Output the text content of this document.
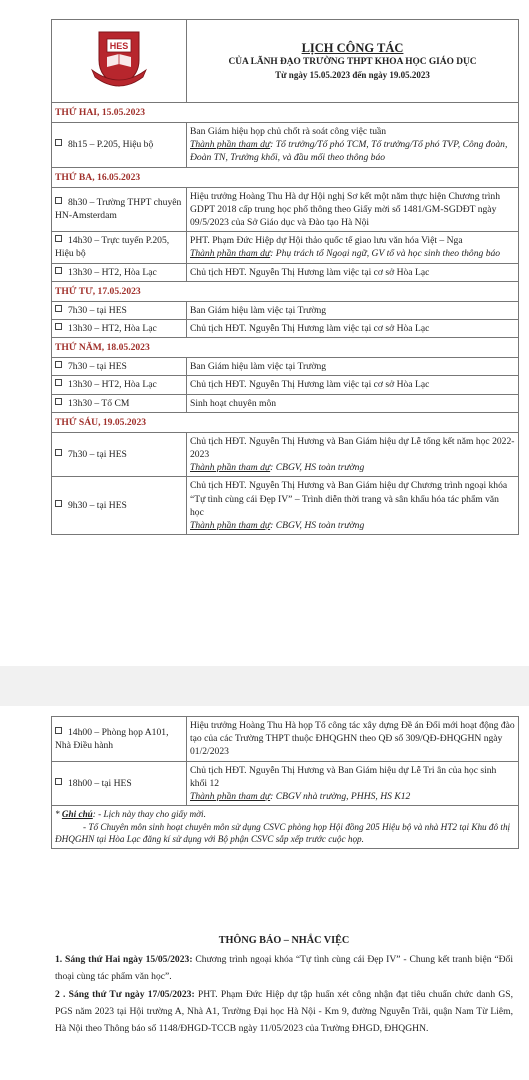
HES	LỊCH CÔNG TÁC
CỦA LÃNH ĐẠO TRƯỜNG THPT KHOA HỌC GIÁO DỤC
Từ ngày 15.05.2023 đến ngày 19.05.2023

THỨ HAI, 15.05.2023	
8h15 – P.205, Hiệu bộ	Ban Giám hiệu họp chủ chốt rà soát công việc tuần
Thành phần tham dự: Tổ trưởng/Tổ phó TCM, Tổ trưởng/Tổ phó TVP, Công đoàn, Đoàn TN, Trưởng khối, và đầu mối theo thông báo

THỨ BA, 16.05.2023	
8h30 – Trường THPT chuyên HN-Amsterdam	Hiệu trưởng Hoàng Thu Hà dự Hội nghị Sơ kết một năm thực hiện Chương trình GDPT 2018 cấp trung học phổ thông theo Giấy mời số 1481/GM-SGDĐT ngày 09/5/2023 của Sở Giáo dục và Đào tạo Hà Nội

14h30 – Trực tuyến P.205, Hiệu bộ	PHT. Phạm Đức Hiệp dự Hội thảo quốc tế giao lưu văn hóa Việt – Nga
Thành phần tham dự: Phụ trách tổ Ngoại ngữ, GV tổ và học sinh theo thông báo

13h30 – HT2, Hòa Lạc	Chủ tịch HĐT. Nguyễn Thị Hương làm việc tại cơ sở Hòa Lạc

THỨ TƯ, 17.05.2023	
7h30 – tại HES	Ban Giám hiệu làm việc tại Trường

13h30 – HT2, Hòa Lạc	Chủ tịch HĐT. Nguyễn Thị Hương làm việc tại cơ sở Hòa Lạc

THỨ NĂM, 18.05.2023	
7h30 – tại HES	Ban Giám hiệu làm việc tại Trường

13h30 – HT2, Hòa Lạc	Chủ tịch HĐT. Nguyễn Thị Hương làm việc tại cơ sở Hòa Lạc

13h30 – Tổ CM	Sinh hoạt chuyên môn

THỨ SÁU, 19.05.2023	
7h30 – tại HES	Chủ tịch HĐT. Nguyễn Thị Hương và Ban Giám hiệu dự Lễ tổng kết năm học 2022-2023
Thành phần tham dự: CBGV, HS toàn trường

9h30 – tại HES	Chủ tịch HĐT. Nguyễn Thị Hương và Ban Giám hiệu dự Chương trình ngoại khóa “Tự tình cùng cái Đẹp IV” – Trình diễn thời trang và sân khấu hóa tác phẩm văn học
Thành phần tham dự: CBGV, HS toàn trường

14h00 – Phòng họp A101, Nhà Điều hành	Hiệu trưởng Hoàng Thu Hà họp Tổ công tác xây dựng Đề án Đổi mới hoạt động đào tạo của các Trường THPT thuộc ĐHQGHN theo QĐ số 309/QĐ-ĐHQGHN ngày 01/2/2023

18h00 – tại HES	Chủ tịch HĐT. Nguyễn Thị Hương và Ban Giám hiệu dự Lễ Tri ân của học sinh khối 12
Thành phần tham dự: CBGV nhà trường, PHHS, HS K12

* Ghi chú: - Lịch này thay cho giấy mời.
- Tổ Chuyên môn sinh hoạt chuyên môn sử dụng CSVC phòng họp Hội đồng 205 Hiệu bộ và nhà HT2 tại Khu đô thị ĐHQGHN tại Hòa Lạc đăng kí sử dụng với Bộ phận CSVC sắp xếp trước cuộc họp.	
THÔNG BÁO – NHẮC VIỆC

1. Sáng thứ Hai ngày 15/05/2023: Chương trình ngoại khóa “Tự tình cùng cái Đẹp IV” - Chung kết tranh biện “Đối thoại cùng tác phẩm văn học”.

2 . Sáng thứ Tư ngày 17/05/2023: PHT. Phạm Đức Hiệp dự tập huấn xét công nhận đạt tiêu chuẩn chức danh GS, PGS năm 2023 tại Hội trường A, Nhà A1, Trường Đại học Hà Nội - Km 9, đường Nguyễn Trãi, quận Nam Từ Liêm, Hà Nội theo Thông báo số 1148/ĐHGD-TCCB ngày 11/05/2023 của Trường ĐHGD, ĐHQGHN.
